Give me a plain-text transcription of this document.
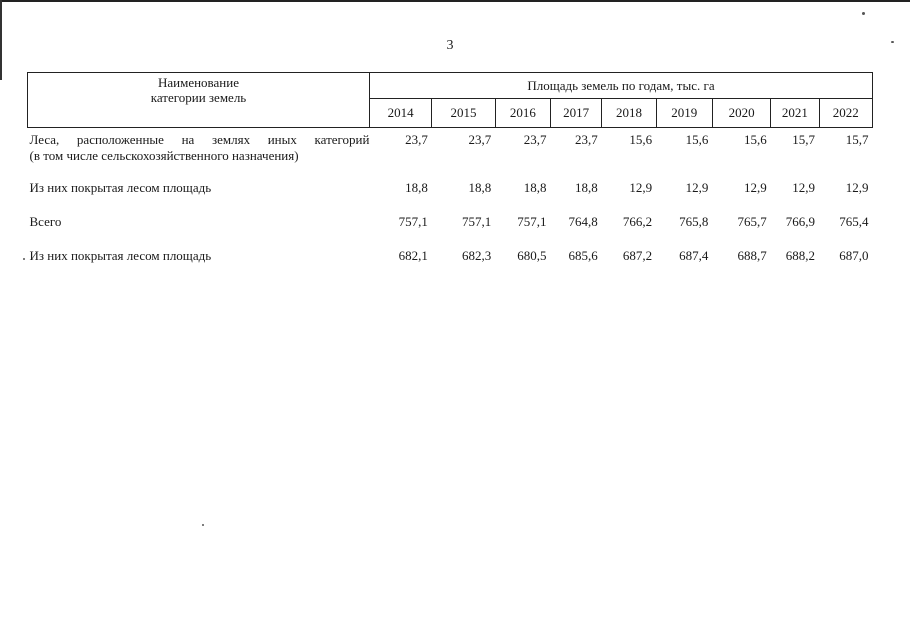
3
Наименование
категории земель	Площадь земель по годам, тыс. га								
	2014	2015	2016	2017	2018	2019	2020	2021	2022

Леса, расположенные на землях иных категорий
(в том числе сельскохозяйственного назначения)	23,7	23,7	23,7	23,7	15,6	15,6	15,6	15,7	15,7
Из них покрытая лесом площадь	18,8	18,8	18,8	18,8	12,9	12,9	12,9	12,9	12,9
Всего	757,1	757,1	757,1	764,8	766,2	765,8	765,7	766,9	765,4
Из них покрытая лесом площадь	682,1	682,3	680,5	685,6	687,2	687,4	688,7	688,2	687,0
